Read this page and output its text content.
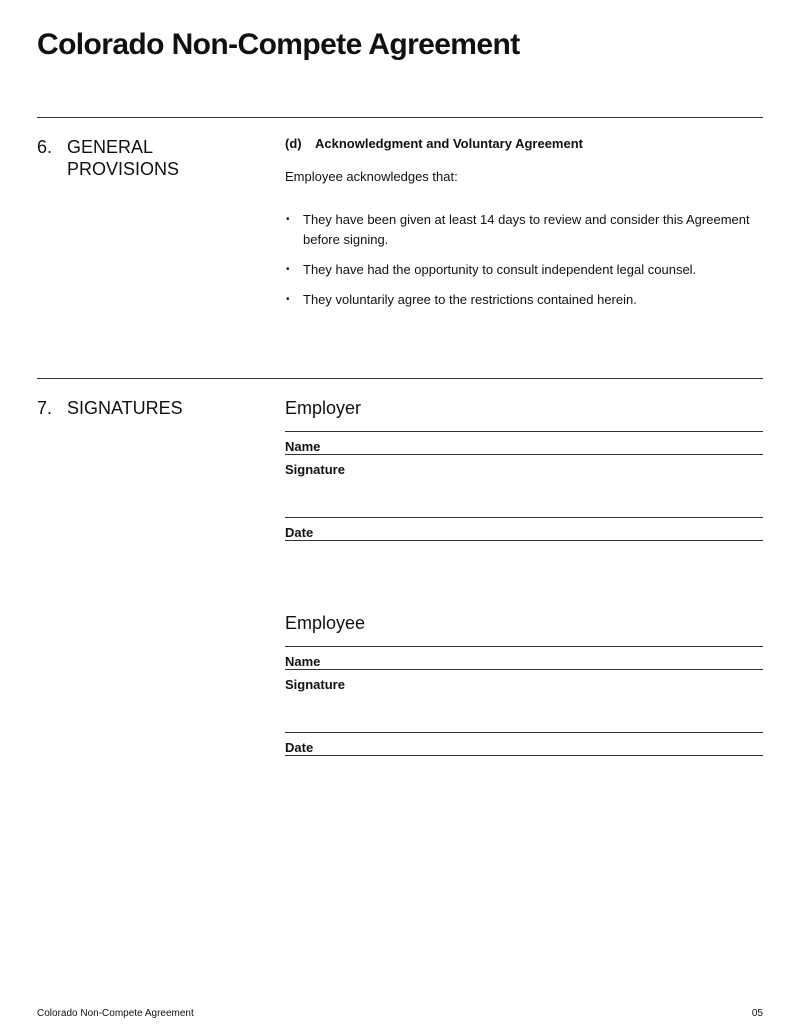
Colorado Non-Compete Agreement
6. GENERAL
PROVISIONS
(d)	Acknowledgment and Voluntary Agreement
Employee acknowledges that:
•	They have been given at least 14 days to review and consider this Agreement before signing.
•	They have had the opportunity to consult independent legal counsel.
•	They voluntarily agree to the restrictions contained herein.
7. SIGNATURES	Employer
Name
Signature
Date
Employee
Name
Signature
Date
Colorado Non-Compete Agreement	05
